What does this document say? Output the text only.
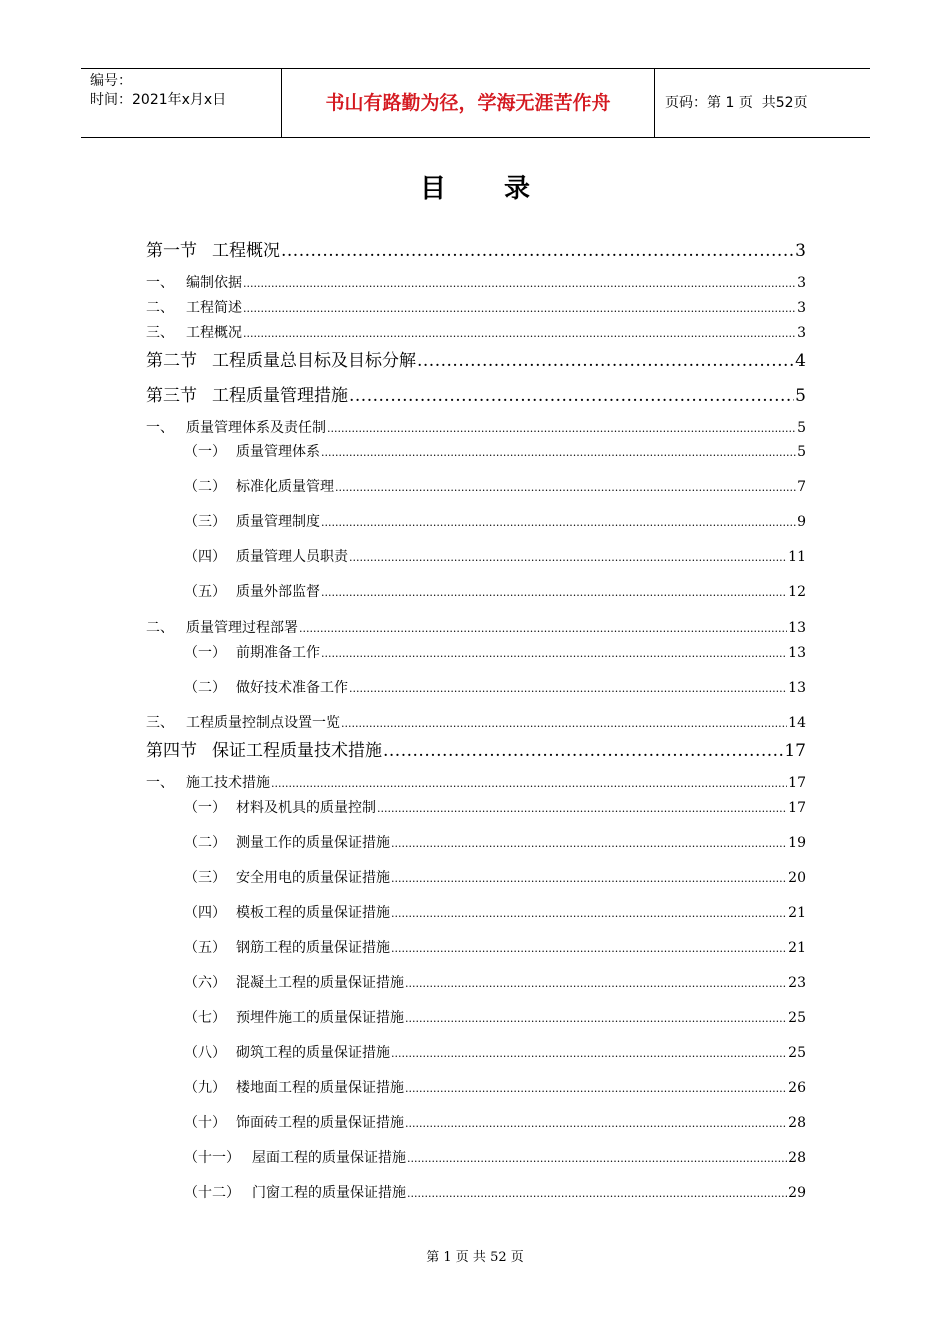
编号：
时间：2021年x月x日	书山有路勤为径，学海无涯苦作舟	页码：第 1 页 共52页
目录
第一节 工程概况 .....	3
一、 编制依据 .....	3
二、 工程简述 .....	3
三、 工程概况 .....	3
第二节 工程质量总目标及目标分解 .....	4
第三节 工程质量管理措施 .....	5
一、 质量管理体系及责任制 .....	5
（一） 质量管理体系 .....	5
（二） 标准化质量管理 .....	7
（三） 质量管理制度 .....	9
（四） 质量管理人员职责 .....	11
（五） 质量外部监督 .....	12
二、 质量管理过程部署 .....	13
（一） 前期准备工作 .....	13
（二） 做好技术准备工作 .....	13
三、 工程质量控制点设置一览 .....	14
第四节 保证工程质量技术措施 .....	17
一、 施工技术措施 .....	17
（一） 材料及机具的质量控制 .....	17
（二） 测量工作的质量保证措施 .....	19
（三） 安全用电的质量保证措施 .....	20
（四） 模板工程的质量保证措施 .....	21
（五） 钢筋工程的质量保证措施 .....	21
（六） 混凝土工程的质量保证措施 .....	23
（七） 预埋件施工的质量保证措施 .....	25
（八） 砌筑工程的质量保证措施 .....	25
（九） 楼地面工程的质量保证措施 .....	26
（十） 饰面砖工程的质量保证措施 .....	28
（十一） 屋面工程的质量保证措施 .....	28
（十二） 门窗工程的质量保证措施 .....	29
第 1 页 共 52 页
